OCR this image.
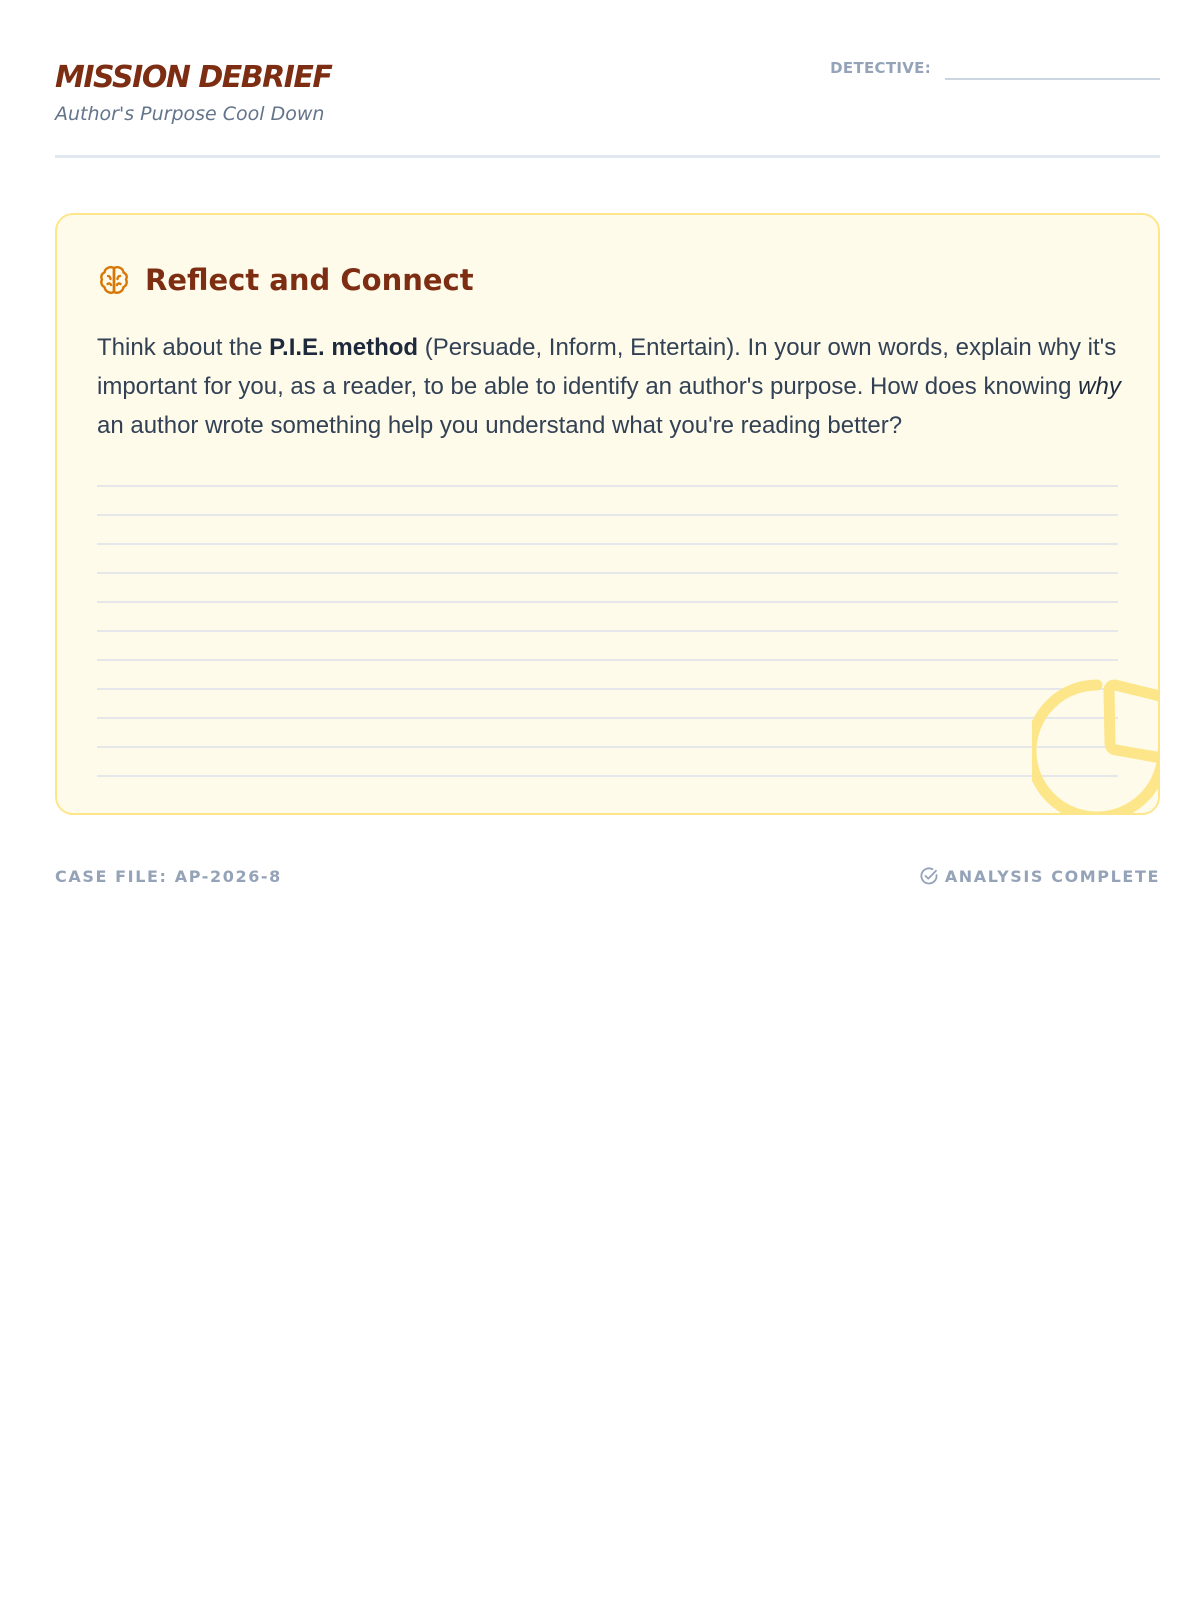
MISSION DEBRIEF
Author's Purpose Cool Down
DETECTIVE:
Reflect and Connect

Think about the P.I.E. method (Persuade, Inform, Entertain). In your own words, explain why it's important for you, as a reader, to be able to identify an author's purpose. How does knowing why an author wrote something help you understand what you're reading better?

CASE FILE: AP-2026-8	ANALYSIS COMPLETE
